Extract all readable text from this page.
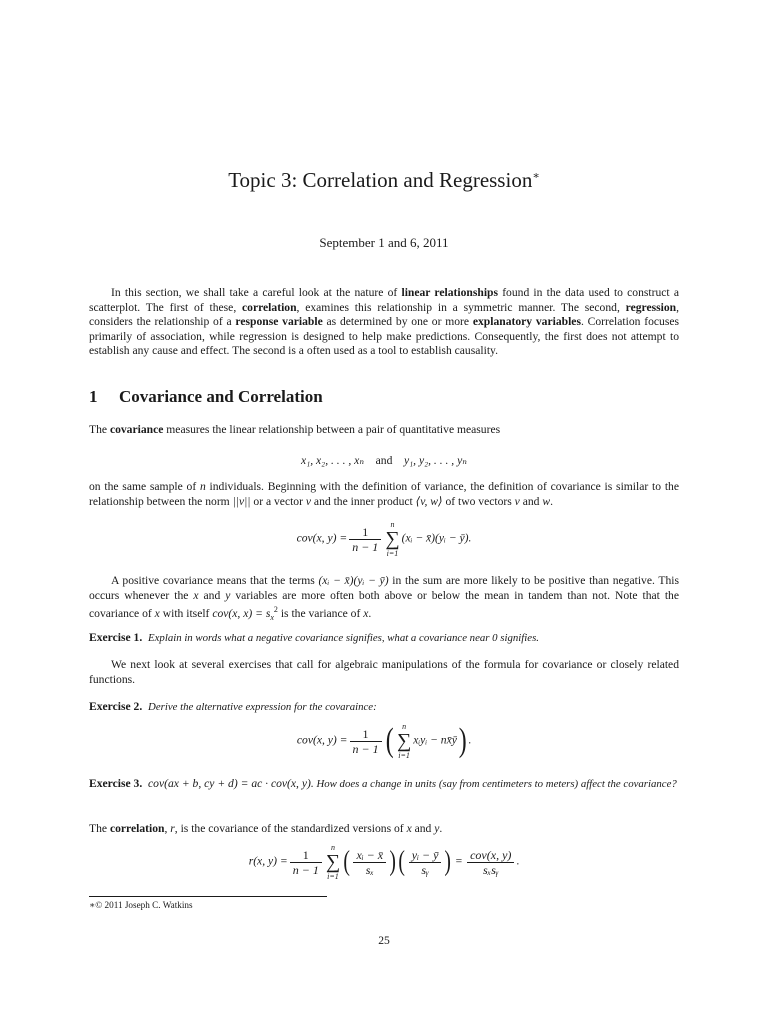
Topic 3: Correlation and Regression∗
September 1 and 6, 2011
In this section, we shall take a careful look at the nature of linear relationships found in the data used to construct a scatterplot. The first of these, correlation, examines this relationship in a symmetric manner. The second, regression, considers the relationship of a response variable as determined by one or more explanatory variables. Correlation focuses primarily of association, while regression is designed to help make predictions. Consequently, the first does not attempt to establish any cause and effect. The second is a often used as a tool to establish causality.
1 Covariance and Correlation
The covariance measures the linear relationship between a pair of quantitative measures
x₁, x₂, . . . , xₙ and y₁, y₂, . . . , yₙ
on the same sample of n individuals. Beginning with the definition of variance, the definition of covariance is similar to the relationship between the norm ||v|| or a vector v and the inner product ⟨v, w⟩ of two vectors v and w.
cov(x, $y) = \frac{1}{n - 1}$	n
∑
i=1
(xᵢ − x̄)(yᵢ − ȳ).
A positive covariance means that the terms (xᵢ − x̄)(yᵢ − ȳ) in the sum are more likely to be positive than negative. This occurs whenever the x and y variables are more often both above or below the mean in tandem than not. Note that the covariance of x with itself cov(x, $x) = s_x^2$ is the variance of x.
Exercise 1. Explain in words what a negative covariance signifies, what a covariance near 0 signifies.
We next look at several exercises that call for algebraic manipulations of the formula for covariance or closely related functions.
Exercise 2. Derive the alternative expression for the covaraince:
cov(x, $y) = \frac{1}{n - 1}$ (	n
∑
i=1
xᵢyᵢ − nx̄ȳ) .
Exercise 3. cov(ax + b, cy + d) = ac · cov(x, y). How does a change in units (say from centimeters to meters) affect the covariance?
The correlation, r, is the covariance of the standardized versions of x and y.
r(x, $y) = \frac{1}{n - 1}$	n
∑
i=1 ( $\frac{\text{xᵢ − x̄}}{\text{sₓ}}$ )( $\frac{\text{yᵢ − ȳ}}{\text{sᵧ}}$ ) = $\frac{\text{cov(x, y)}}{\text{sₓsᵧ}}$ .
∗© 2011 Joseph C. Watkins
25
